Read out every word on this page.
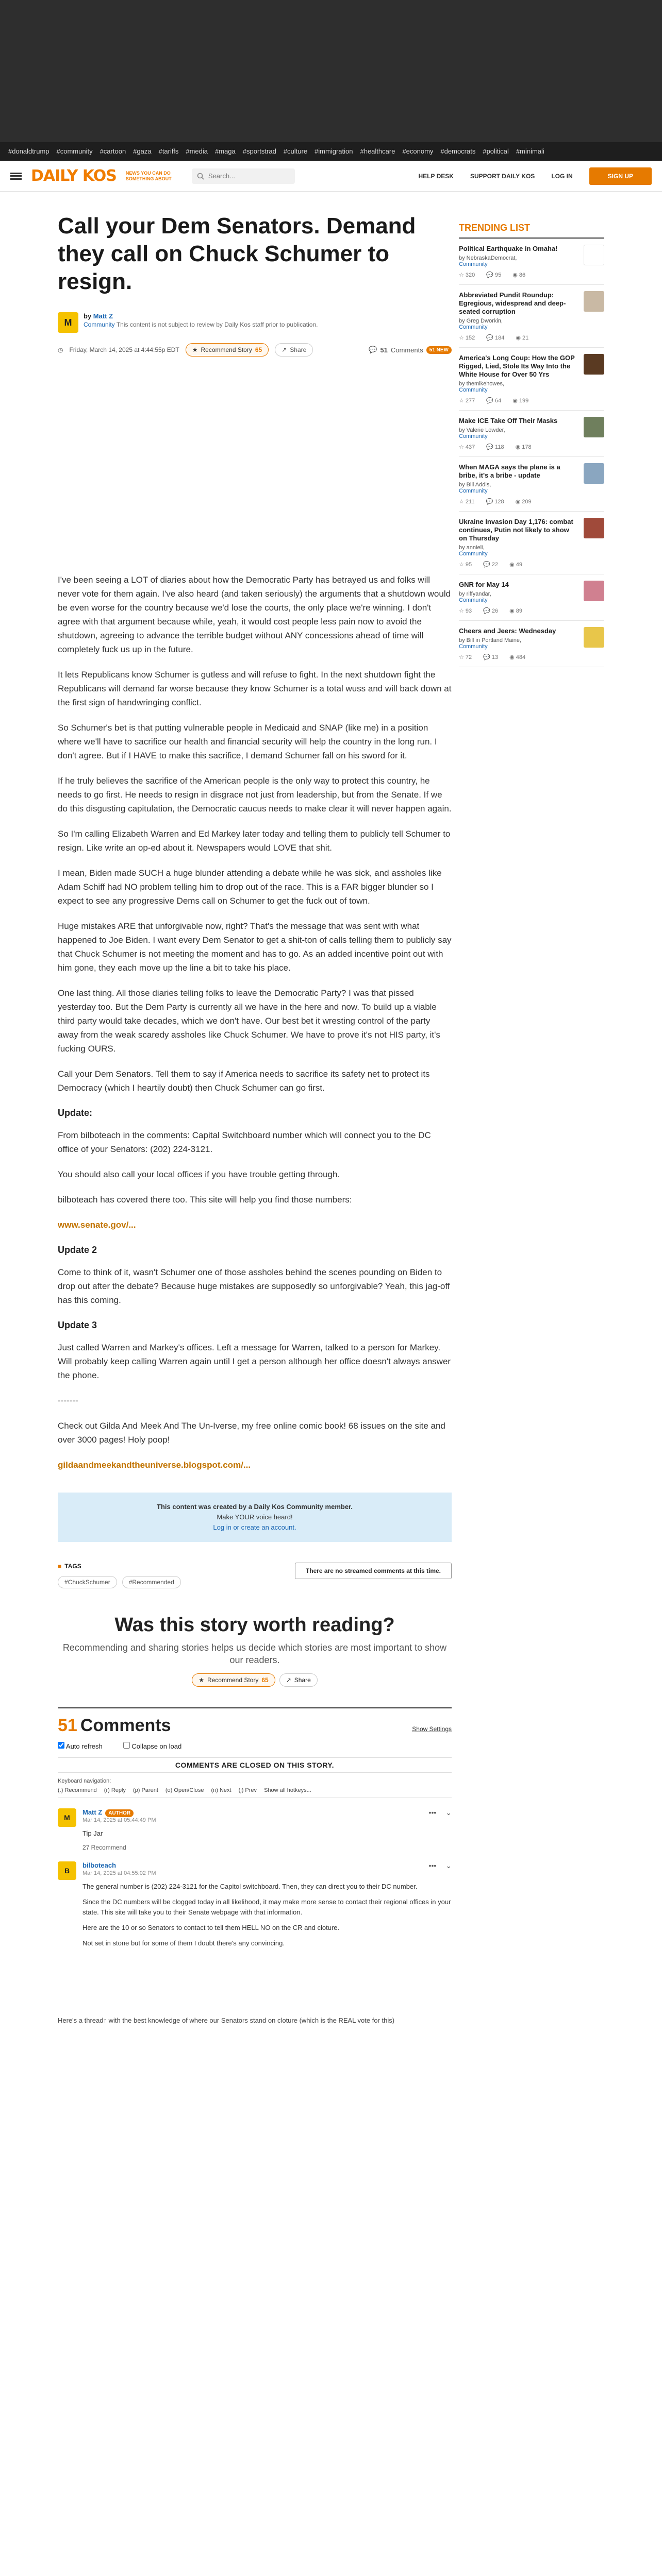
#donaldtrump #community #cartoon #gaza #tariffs #media #maga #sportstrad #culture #immigration #healthcare #economy #democrats #political #minimali
DAILY KOS NEWS YOU CAN DO SOMETHING ABOUT
Search...	HELP DESK	SUPPORT DAILY KOS	LOG IN	SIGN UP
Call your Dem Senators. Demand they call on Chuck Schumer to resign.
M
by Matt Z
Community This content is not subject to review by Daily Kos staff prior to publication.
◷ Friday, March 14, 2025 at 4:44:55p EDT ★ Recommend Story 65	↗ Share	💬 51 Comments	51 NEW

I've been seeing a LOT of diaries about how the Democratic Party has betrayed us and folks will never vote for them again. I've also heard (and taken seriously) the arguments that a shutdown would be even worse for the country because we'd lose the courts, the only place we're winning. I don't agree with that argument because while, yeah, it would cost people less pain now to avoid the shutdown, agreeing to advance the terrible budget without ANY concessions ahead of time will completely fuck us up in the future.

It lets Republicans know Schumer is gutless and will refuse to fight. In the next shutdown fight the Republicans will demand far worse because they know Schumer is a total wuss and will back down at the first sign of handwringing conflict.

So Schumer's bet is that putting vulnerable people in Medicaid and SNAP (like me) in a position where we'll have to sacrifice our health and financial security will help the country in the long run. I don't agree. But if I HAVE to make this sacrifice, I demand Schumer fall on his sword for it.

If he truly believes the sacrifice of the American people is the only way to protect this country, he needs to go first. He needs to resign in disgrace not just from leadership, but from the Senate. If we do this disgusting capitulation, the Democratic caucus needs to make clear it will never happen again.

So I'm calling Elizabeth Warren and Ed Markey later today and telling them to publicly tell Schumer to resign. Like write an op-ed about it. Newspapers would LOVE that shit.

I mean, Biden made SUCH a huge blunder attending a debate while he was sick, and assholes like Adam Schiff had NO problem telling him to drop out of the race. This is a FAR bigger blunder so I expect to see any progressive Dems call on Schumer to get the fuck out of town.

Huge mistakes ARE that unforgivable now, right? That's the message that was sent with what happened to Joe Biden. I want every Dem Senator to get a shit-ton of calls telling them to publicly say that Chuck Schumer is not meeting the moment and has to go. As an added incentive point out with him gone, they each move up the line a bit to take his place.

One last thing. All those diaries telling folks to leave the Democratic Party? I was that pissed yesterday too. But the Dem Party is currently all we have in the here and now. To build up a viable third party would take decades, which we don't have. Our best bet it wresting control of the party away from the weak scaredy assholes like Chuck Schumer. We have to prove it's not HIS party, it's fucking OURS.

Call your Dem Senators. Tell them to say if America needs to sacrifice its safety net to protect its Democracy (which I heartily doubt) then Chuck Schumer can go first.

Update:

From bilboteach in the comments: Capital Switchboard number which will connect you to the DC office of your Senators: (202) 224-3121.

You should also call your local offices if you have trouble getting through.

bilboteach has covered there too. This site will help you find those numbers:

www.senate.gov/...

Update 2

Come to think of it, wasn't Schumer one of those assholes behind the scenes pounding on Biden to drop out after the debate? Because huge mistakes are supposedly so unforgivable? Yeah, this jag-off has this coming.

Update 3

Just called Warren and Markey's offices. Left a message for Warren, talked to a person for Markey. Will probably keep calling Warren again until I get a person although her office doesn't always answer the phone.

-------

Check out Gilda And Meek And The Un-Iverse, my free online comic book! 68 issues on the site and over 3000 pages! Holy poop!

gildaandmeekandtheuniverse.blogspot.com/...

This content was created by a Daily Kos Community member.
Make YOUR voice heard!
Log in or create an account.
■ TAGS
#ChuckSchumer	#Recommended
There are no streamed comments at this time.
Was this story worth reading?

Recommending and sharing stories helps us decide which stories are most important to show our readers.

★ Recommend Story 65	↗ Share
51 Comments	Show Settings
Auto refresh	Collapse on load
COMMENTS ARE CLOSED ON THIS STORY.
Keyboard navigation:
(.) Recommend (r) Reply (p) Parent (o) Open/Close (n) Next (j) Prev Show all hotkeys...
M
Matt Z AUTHOR
Mar 14, 2025 at 05:44:49 PM

Tip Jar

27 Recommend
••• ⌄
B
bilboteach
Mar 14, 2025 at 04:55:02 PM

The general number is (202) 224-3121 for the Capitol switchboard. Then, they can direct you to their DC number.

Since the DC numbers will be clogged today in all likelihood, it may make more sense to contact their regional offices in your state. This site will take you to their Senate webpage with that information.

Here are the 10 or so Senators to contact to tell them HELL NO on the CR and cloture.

Not set in stone but for some of them I doubt there's any convincing.

••• ⌄
Here's a thread↑ with the best knowledge of where our Senators stand on cloture (which is the REAL vote for this)
TRENDING LIST
Political Earthquake in Omaha!
by NebraskaDemocrat,
Community
☆ 320 💬 95 ◉ 86
Abbreviated Pundit Roundup: Egregious, widespread and deep-seated corruption
by Greg Dworkin,
Community
☆ 152 💬 184 ◉ 21
America's Long Coup: How the GOP Rigged, Lied, Stole Its Way Into the White House for Over 50 Yrs
by themikehowes,
Community
☆ 277 💬 64 ◉ 199
Make ICE Take Off Their Masks
by Valerie Lowder,
Community
☆ 437 💬 118 ◉ 178
When MAGA says the plane is a bribe, it's a bribe - update
by Bill Addis,
Community
☆ 211 💬 128 ◉ 209
Ukraine Invasion Day 1,176: combat continues, Putin not likely to show on Thursday
by annieli,
Community
☆ 95 💬 22 ◉ 49
GNR for May 14
by riffyandar,
Community
☆ 93 💬 26 ◉ 89
Cheers and Jeers: Wednesday
by Bill in Portland Maine,
Community
☆ 72 💬 13 ◉ 484
